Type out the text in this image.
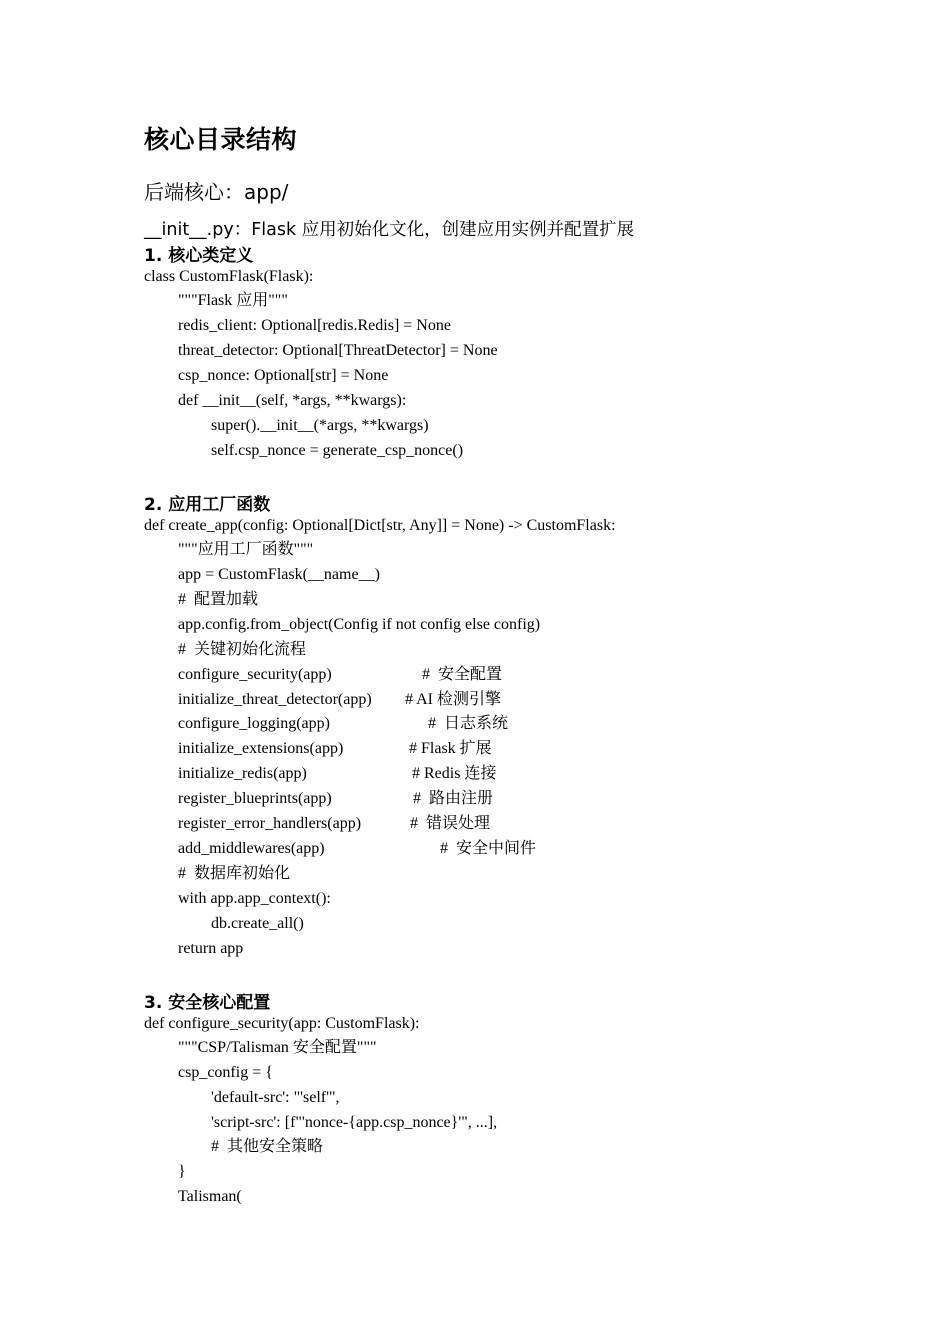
核心目录结构
后端核心：app/
__init__.py：Flask 应用初始化文化，创建应用实例并配置扩展
1. 核心类定义
class CustomFlask(Flask):
"""Flask 应用"""
redis_client: Optional[redis.Redis] = None
threat_detector: Optional[ThreatDetector] = None
csp_nonce: Optional[str] = None
def __init__(self, *args, **kwargs):
super().__init__(*args, **kwargs)
self.csp_nonce = generate_csp_nonce()
2. 应用工厂函数
def create_app(config: Optional[Dict[str, Any]] = None) -> CustomFlask:
"""应用工厂函数"""
app = CustomFlask(__name__)
#  配置加载
app.config.from_object(Config if not config else config)
#  关键初始化流程
configure_security(app)	#  安全配置
initialize_threat_detector(app) # AI 检测引擎
configure_logging(app)	#  日志系统
initialize_extensions(app)	# Flask 扩展
initialize_redis(app)	# Redis 连接
register_blueprints(app)	#  路由注册
register_error_handlers(app)	#  错误处理
add_middlewares(app)	#  安全中间件
#  数据库初始化
with app.app_context():
db.create_all()
return app
3. 安全核心配置
def configure_security(app: CustomFlask):
"""CSP/Talisman 安全配置"""
csp_config = {
'default-src': "'self'",
'script-src': [f"'nonce-{app.csp_nonce}'", ...],
#  其他安全策略
}
Talisman(
